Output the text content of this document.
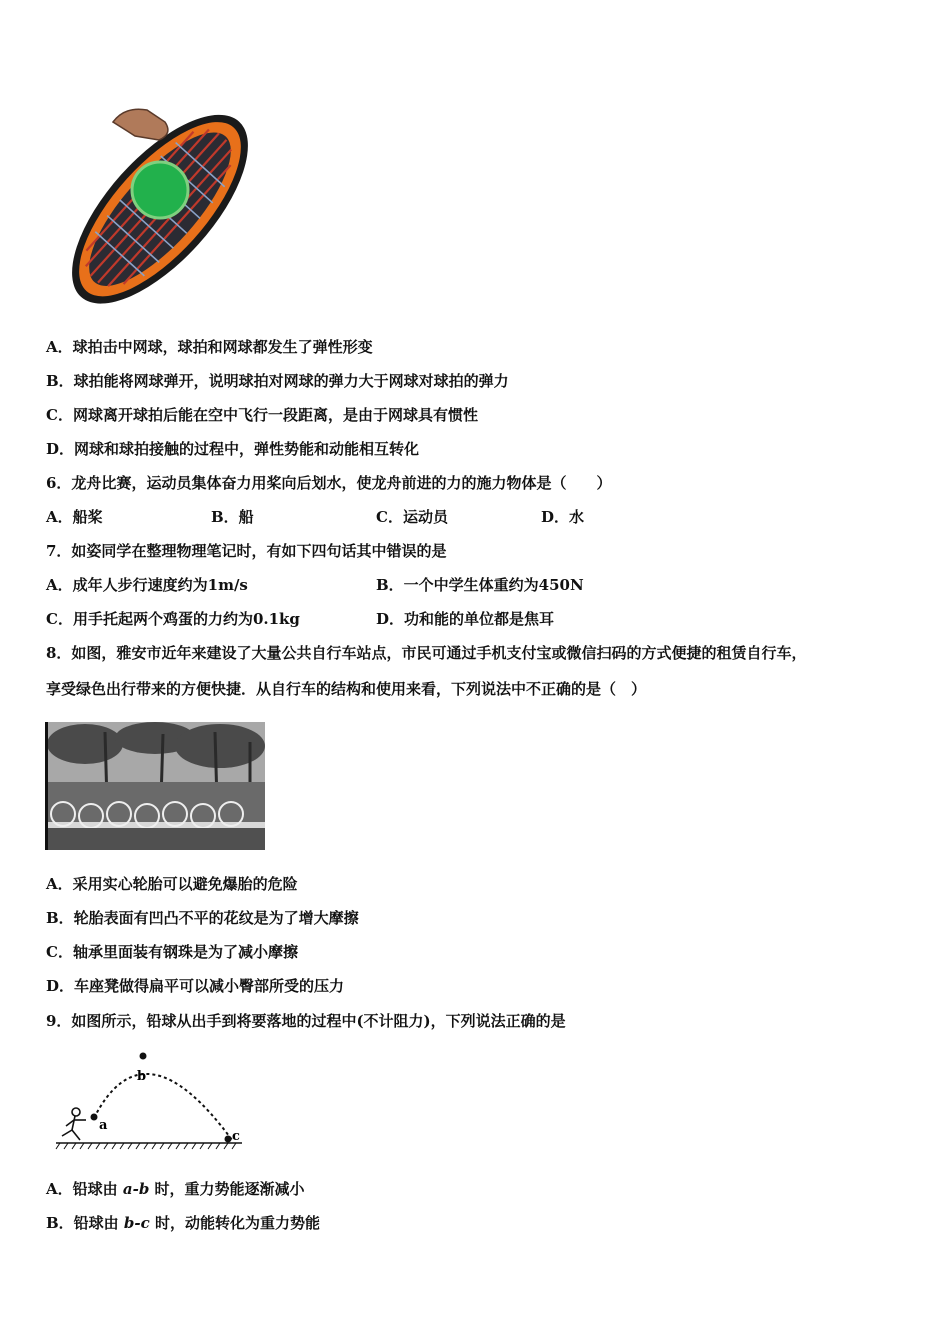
A．球拍击中网球，球拍和网球都发生了弹性形变
B．球拍能将网球弹开，说明球拍对网球的弹力大于网球对球拍的弹力
C．网球离开球拍后能在空中飞行一段距离，是由于网球具有惯性
D．网球和球拍接触的过程中，弹性势能和动能相互转化
6．龙舟比赛，运动员集体奋力用桨向后划水，使龙舟前进的力的施力物体是（　　）
A．船桨	B．船	C．运动员	D．水
7．如姿同学在整理物理笔记时，有如下四句话其中错误的是
A．成年人步行速度约为1m/s	B．一个中学生体重约为450N
C．用手托起两个鸡蛋的力约为0.1kg	D．功和能的单位都是焦耳
8．如图，雅安市近年来建设了大量公共自行车站点，市民可通过手机支付宝或微信扫码的方式便捷的租赁自行车，
享受绿色出行带来的方便快捷．从自行车的结构和使用来看，下列说法中不正确的是（　）
A．采用实心轮胎可以避免爆胎的危险
B．轮胎表面有凹凸不平的花纹是为了增大摩擦
C．轴承里面装有钢珠是为了减小摩擦
D．车座凳做得扁平可以减小臀部所受的压力
9．如图所示，铅球从出手到将要落地的过程中(不计阻力)，下列说法正确的是
a
b
c
A．铅球由 a-b 时，重力势能逐渐减小
B．铅球由 b-c 时，动能转化为重力势能
